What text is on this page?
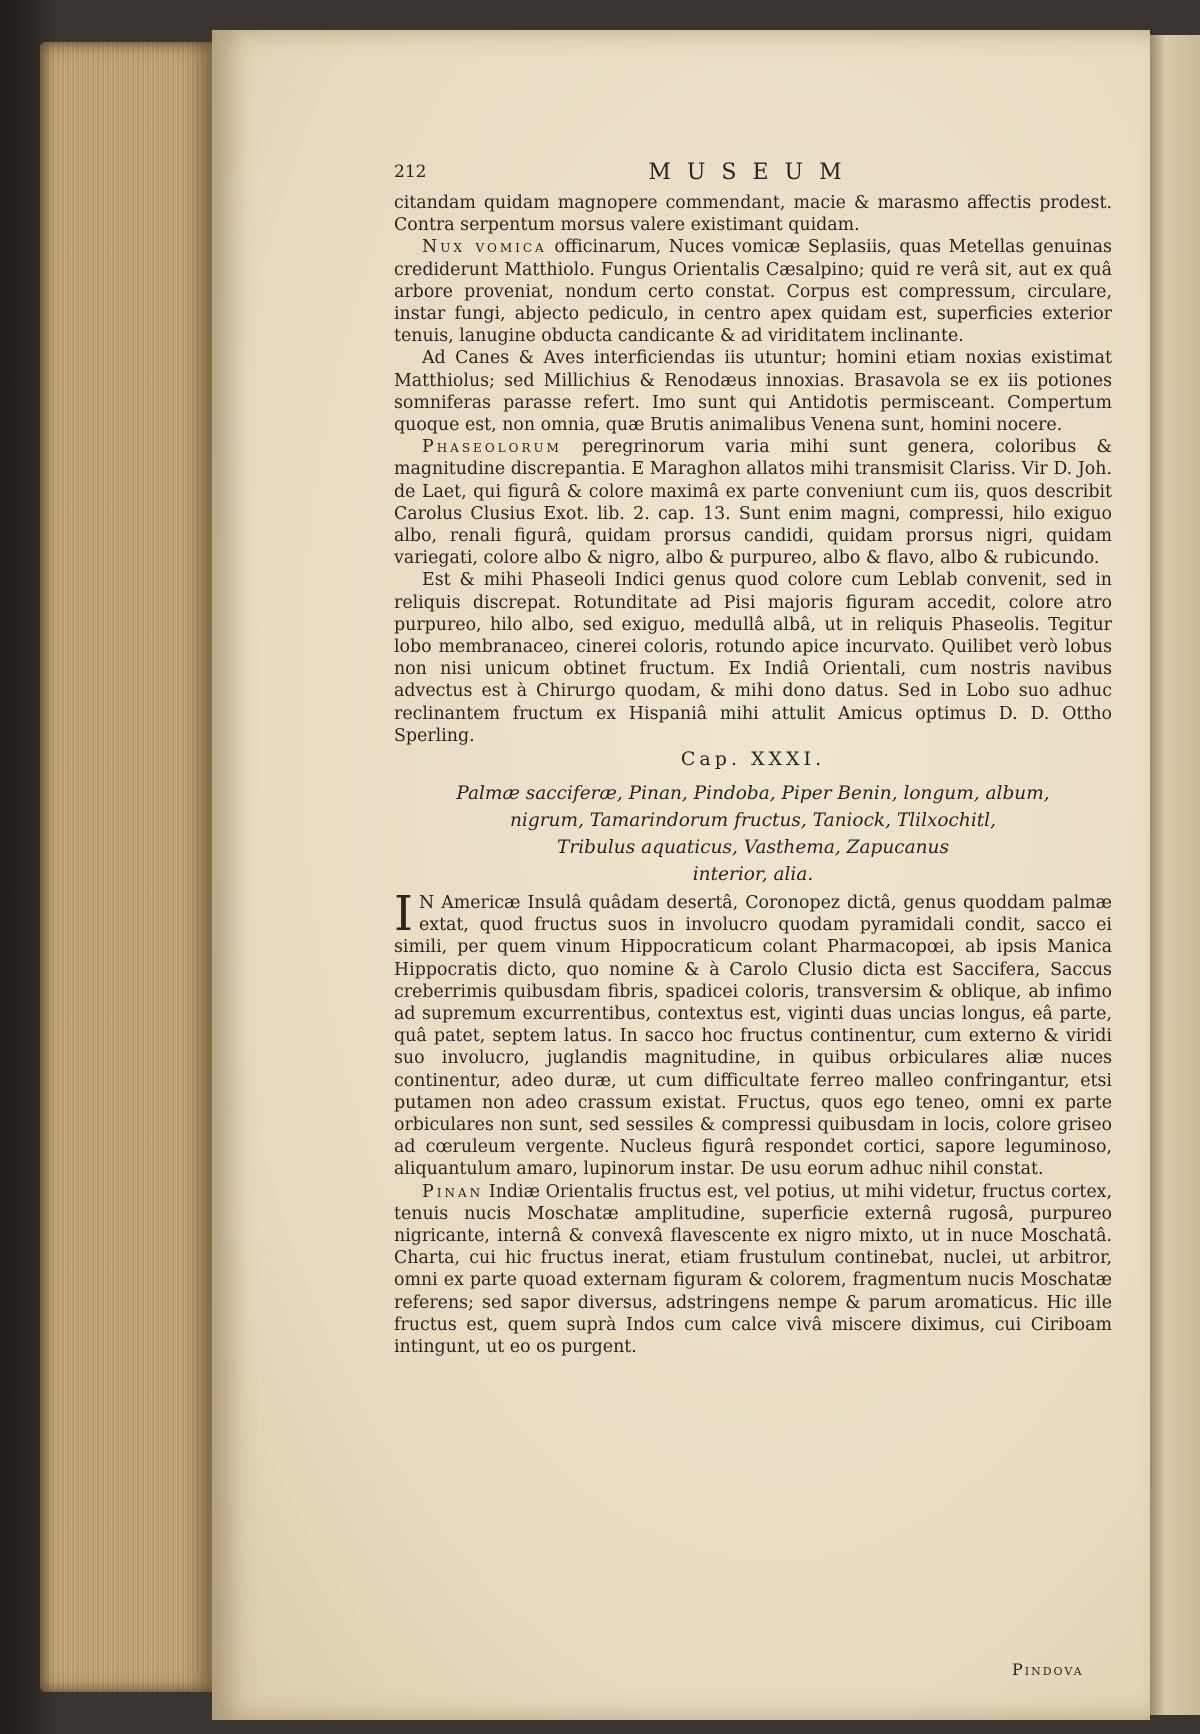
212	MUSEUM

citandam quidam magnopere commendant, macie & marasmo affectis prodest. Contra serpentum morsus valere existimant quidam.

Nux vomica officinarum, Nuces vomicæ Seplasiis, quas Metellas genuinas crediderunt Matthiolo. Fungus Orientalis Cæsalpino; quid re verâ sit, aut ex quâ arbore proveniat, nondum certo constat. Corpus est compressum, circulare, instar fungi, abjecto pediculo, in centro apex quidam est, superficies exterior tenuis, lanugine obducta candicante & ad viriditatem inclinante.

Ad Canes & Aves interficiendas iis utuntur; homini etiam noxias existimat Matthiolus; sed Millichius & Renodæus innoxias. Brasavola se ex iis potiones somniferas parasse refert. Imo sunt qui Antidotis permisceant. Compertum quoque est, non omnia, quæ Brutis animalibus Venena sunt, homini nocere.

Phaseolorum peregrinorum varia mihi sunt genera, coloribus & magnitudine discrepantia. E Maraghon allatos mihi transmisit Clariss. Vir D. Joh. de Laet, qui figurâ & colore maximâ ex parte conveniunt cum iis, quos describit Carolus Clusius Exot. lib. 2. cap. 13. Sunt enim magni, compressi, hilo exiguo albo, renali figurâ, quidam prorsus candidi, quidam prorsus nigri, quidam variegati, colore albo & nigro, albo & purpureo, albo & flavo, albo & rubicundo.

Est & mihi Phaseoli Indici genus quod colore cum Leblab convenit, sed in reliquis discrepat. Rotunditate ad Pisi majoris figuram accedit, colore atro purpureo, hilo albo, sed exiguo, medullâ albâ, ut in reliquis Phaseolis. Tegitur lobo membranaceo, cinerei coloris, rotundo apice incurvato. Quilibet verò lobus non nisi unicum obtinet fructum. Ex Indiâ Orientali, cum nostris navibus advectus est à Chirurgo quodam, & mihi dono datus. Sed in Lobo suo adhuc reclinantem fructum ex Hispaniâ mihi attulit Amicus optimus D. D. Ottho Sperling.

Cap. XXXI.
Palmæ sacciferæ, Pinan, Pindoba, Piper Benin, longum, album,
nigrum, Tamarindorum fructus, Taniock, Tlilxochitl,
Tribulus aquaticus, Vasthema, Zapucanus
interior, alia.

I N Americæ Insulâ quâdam desertâ, Coronopez dictâ, genus quoddam palmæ extat, quod fructus suos in involucro quodam pyramidali condit, sacco ei simili, per quem vinum Hippocraticum colant Pharmacopœi, ab ipsis Manica Hippocratis dicto, quo nomine & à Carolo Clusio dicta est Saccifera, Saccus creberrimis quibusdam fibris, spadicei coloris, transversim & oblique, ab infimo ad supremum excurrentibus, contextus est, viginti duas uncias longus, eâ parte, quâ patet, septem latus. In sacco hoc fructus continentur, cum externo & viridi suo involucro, juglandis magnitudine, in quibus orbiculares aliæ nuces continentur, adeo duræ, ut cum difficultate ferreo malleo confringantur, etsi putamen non adeo crassum existat. Fructus, quos ego teneo, omni ex parte orbiculares non sunt, sed sessiles & compressi quibusdam in locis, colore griseo ad cœruleum vergente. Nucleus figurâ respondet cortici, sapore leguminoso, aliquantulum amaro, lupinorum instar. De usu eorum adhuc nihil constat.

Pinan Indiæ Orientalis fructus est, vel potius, ut mihi videtur, fructus cortex, tenuis nucis Moschatæ amplitudine, superficie externâ rugosâ, purpureo nigricante, internâ & convexâ flavescente ex nigro mixto, ut in nuce Moschatâ. Charta, cui hic fructus inerat, etiam frustulum continebat, nuclei, ut arbitror, omni ex parte quoad externam figuram & colorem, fragmentum nucis Moschatæ referens; sed sapor diversus, adstringens nempe & parum aromaticus. Hic ille fructus est, quem suprà Indos cum calce vivâ miscere diximus, cui Ciriboam intingunt, ut eo os purgent.

Pindova
